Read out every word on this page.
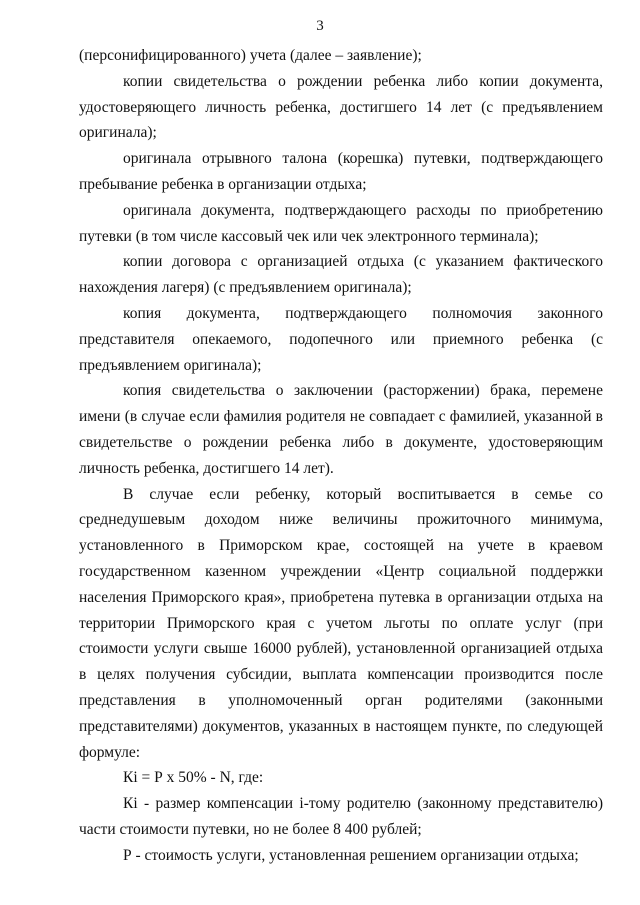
3

(персонифицированного) учета (далее – заявление);

копии свидетельства о рождении ребенка либо копии документа, удостоверяющего личность ребенка, достигшего 14 лет (с предъявлением оригинала);

оригинала отрывного талона (корешка) путевки, подтверждающего пребывание ребенка в организации отдыха;

оригинала документа, подтверждающего расходы по приобретению путевки (в том числе кассовый чек или чек электронного терминала);

копии договора с организацией отдыха (с указанием фактического нахождения лагеря) (с предъявлением оригинала);

копия документа, подтверждающего полномочия законного представителя опекаемого, подопечного или приемного ребенка (с предъявлением оригинала);

копия свидетельства о заключении (расторжении) брака, перемене имени (в случае если фамилия родителя не совпадает с фамилией, указанной в свидетельстве о рождении ребенка либо в документе, удостоверяющим личность ребенка, достигшего 14 лет).

В случае если ребенку, который воспитывается в семье со среднедушевым доходом ниже величины прожиточного минимума, установленного в Приморском крае, состоящей на учете в краевом государственном казенном учреждении «Центр социальной поддержки населения Приморского края», приобретена путевка в организации отдыха на территории Приморского края с учетом льготы по оплате услуг (при стоимости услуги свыше 16000 рублей), установленной организацией отдыха в целях получения субсидии, выплата компенсации производится после представления в уполномоченный орган родителями (законными представителями) документов, указанных в настоящем пункте, по следующей формуле:

Кi = Р х 50% - N, где:

Кi - размер компенсации i-тому родителю (законному представителю) части стоимости путевки, но не более 8 400 рублей;

Р - стоимость услуги, установленная решением организации отдыха;
